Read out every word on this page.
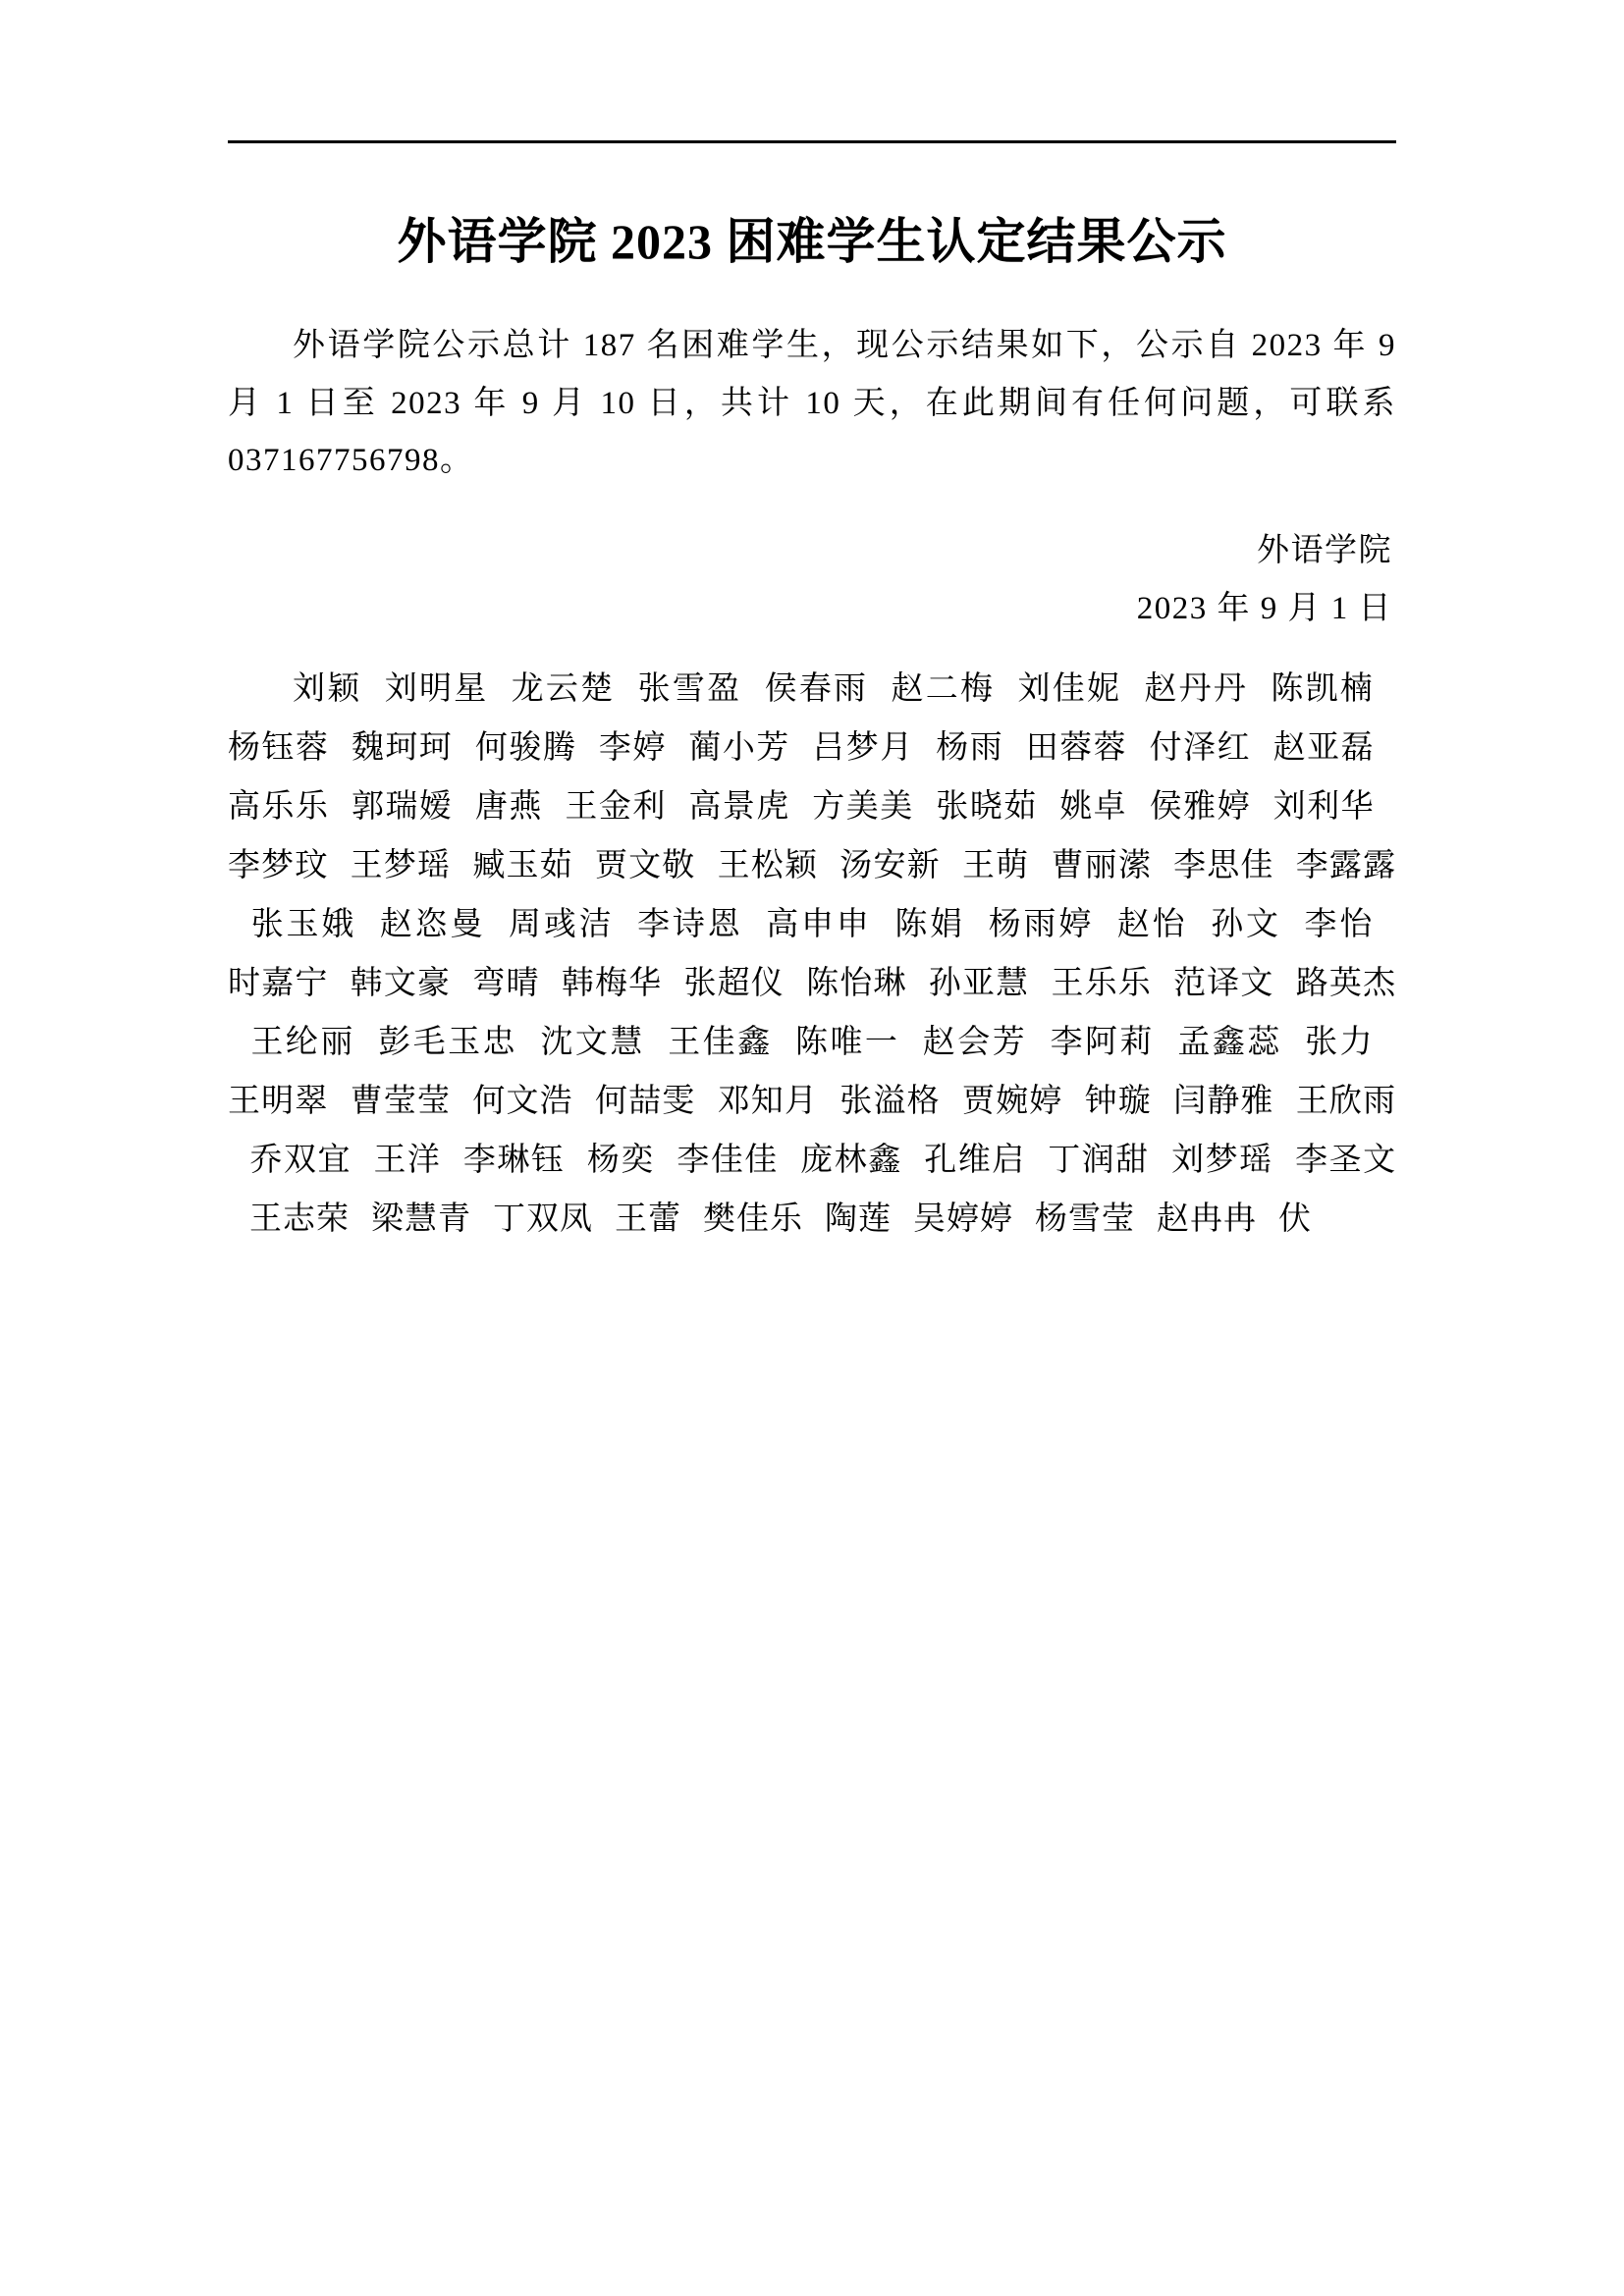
外语学院 2023 困难学生认定结果公示

外语学院公示总计 187 名困难学生，现公示结果如下，公示自 2023 年 9 月 1 日至 2023 年 9 月 10 日，共计 10 天，在此期间有任何问题，可联系 037167756798。

外语学院
2023 年 9 月 1 日
刘颖 刘明星 龙云楚 张雪盈 侯春雨 赵二梅 刘佳妮 赵丹丹 陈凯楠 杨钰蓉 魏珂珂 何骏腾 李婷 蔺小芳 吕梦月 杨雨 田蓉蓉 付泽红 赵亚磊 高乐乐 郭瑞嫒 唐燕 王金利 高景虎 方美美 张晓茹 姚卓 侯雅婷 刘利华 李梦玟 王梦瑶 臧玉茹 贾文敬 王松颖 汤安新 王萌 曹丽潆 李思佳 李露露 张玉娥 赵恣曼 周彧洁 李诗恩 高申申 陈娟 杨雨婷 赵怡 孙文 李怡 时嘉宁 韩文豪 弯晴 韩梅华 张超仪 陈怡琳 孙亚慧 王乐乐 范译文 路英杰 王纶丽 彭毛玉忠 沈文慧 王佳鑫 陈唯一 赵会芳 李阿莉 孟鑫蕊 张力 王明翠 曹莹莹 何文浩 何喆雯 邓知月 张溢格 贾婉婷 钟璇 闫静雅 王欣雨 乔双宜 王洋 李琳钰 杨奕 李佳佳 庞林鑫 孔维启 丁润甜 刘梦瑶 李圣文 王志荣 梁慧青 丁双凤 王蕾 樊佳乐 陶莲 吴婷婷 杨雪莹 赵冉冉 伏
